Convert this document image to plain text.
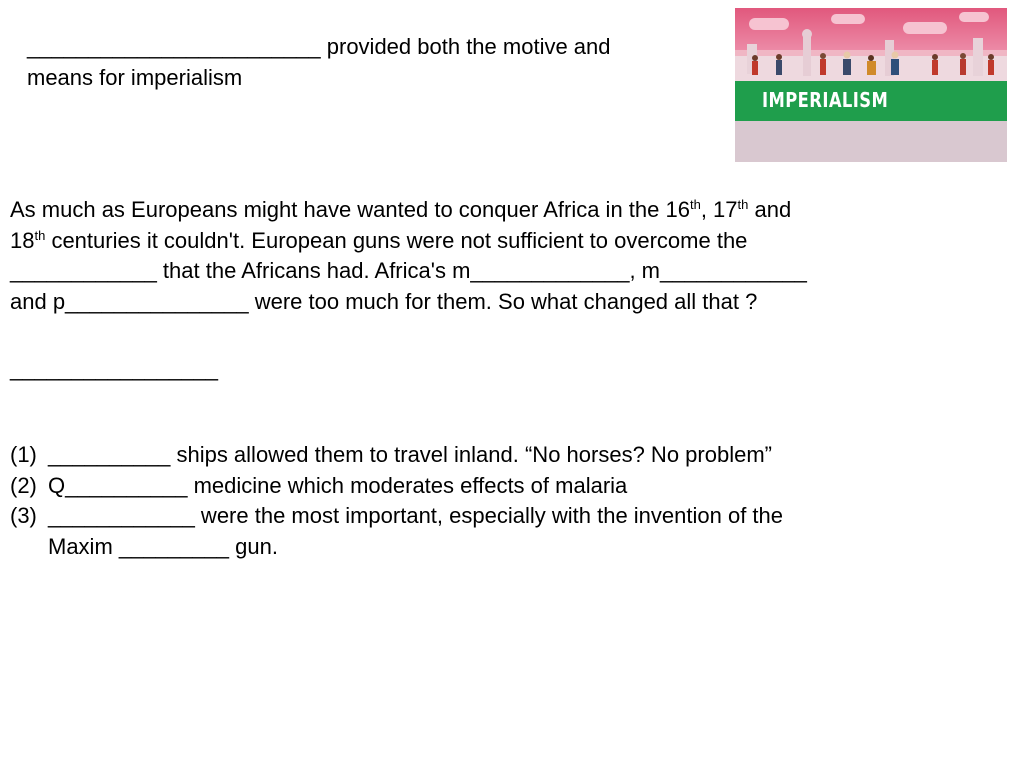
________________________ provided both the motive and
means for imperialism
IMPERIALISM
As much as Europeans might have wanted to conquer Africa in the 16th, 17th and
18th centuries it couldn't. European guns were not sufficient to overcome the
____________ that the Africans had. Africa's m_____________, m____________
and p_______________ were too much for them. So what changed all that ?
_________________
(1) __________ ships allowed them to travel inland. “No horses? No problem”
(2) Q__________ medicine which moderates effects of malaria
(3) ____________ were the most important, especially with the invention of the
Maxim _________ gun.
